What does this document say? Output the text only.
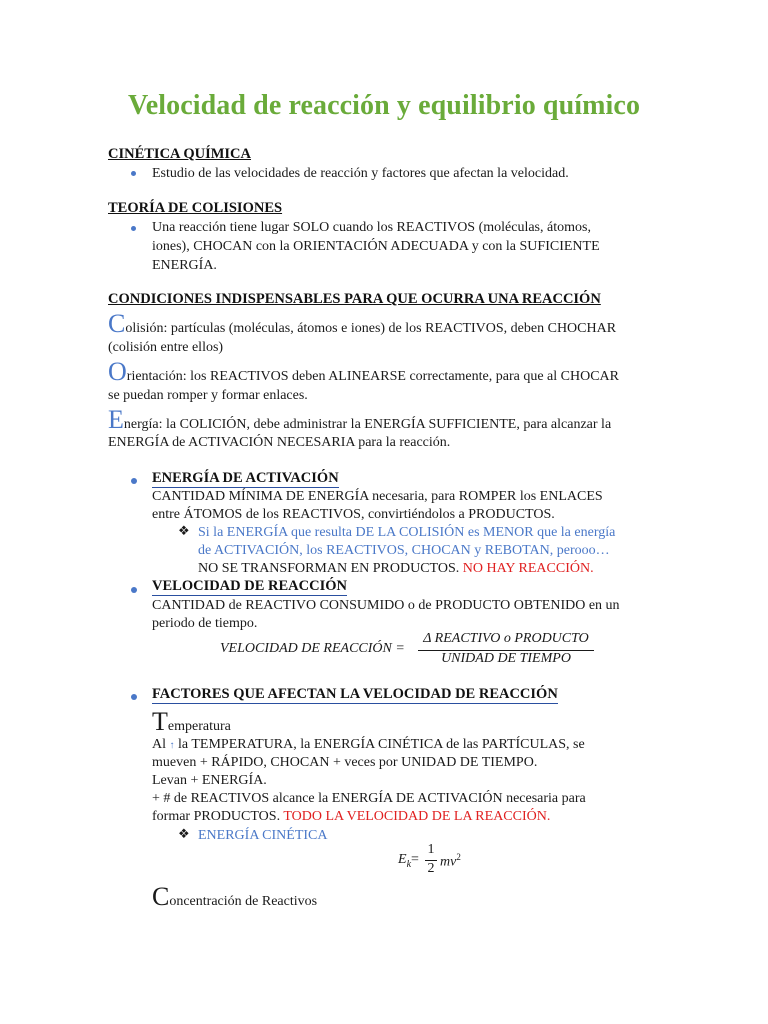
Velocidad de reacción y equilibrio químico
CINÉTICA QUÍMICA
Estudio de las velocidades de reacción y factores que afectan la velocidad.
TEORÍA DE COLISIONES
Una reacción tiene lugar SOLO cuando los REACTIVOS (moléculas, átomos,
iones), CHOCAN con la ORIENTACIÓN ADECUADA y con la SUFICIENTE
ENERGÍA.
CONDICIONES INDISPENSABLES PARA QUE OCURRA UNA REACCIÓN
Colisión: partículas (moléculas, átomos e iones) de los REACTIVOS, deben CHOCHAR
(colisión entre ellos)
Orientación: los REACTIVOS deben ALINEARSE correctamente, para que al CHOCAR
se puedan romper y formar enlaces.
Energía: la COLICIÓN, debe administrar la ENERGÍA SUFFICIENTE, para alcanzar la
ENERGÍA de ACTIVACIÓN NECESARIA para la reacción.
ENERGÍA DE ACTIVACIÓN
CANTIDAD MÍNIMA DE ENERGÍA necesaria, para ROMPER los ENLACES
entre ÁTOMOS de los REACTIVOS, convirtiéndolos a PRODUCTOS.
❖ Si la ENERGÍA que resulta DE LA COLISIÓN es MENOR que la energía
de ACTIVACIÓN, los REACTIVOS, CHOCAN y REBOTAN, perooo…
NO SE TRANSFORMAN EN PRODUCTOS. NO HAY REACCIÓN.
VELOCIDAD DE REACCIÓN
CANTIDAD de REACTIVO CONSUMIDO o de PRODUCTO OBTENIDO en un
periodo de tiempo.
VELOCIDAD DE REACCIÓN =
Δ REACTIVO o PRODUCTO
UNIDAD DE TIEMPO
FACTORES QUE AFECTAN LA VELOCIDAD DE REACCIÓN
Temperatura
Al ↑ la TEMPERATURA, la ENERGÍA CINÉTICA de las PARTÍCULAS, se
mueven + RÁPIDO, CHOCAN + veces por UNIDAD DE TIEMPO.
Levan + ENERGÍA.
+ # de REACTIVOS alcance la ENERGÍA DE ACTIVACIÓN necesaria para
formar PRODUCTOS. TODO LA VELOCIDAD DE LA REACCIÓN.
❖ ENERGÍA CINÉTICA
$E_k=$
1
2 $mv^2$
Concentración de Reactivos
